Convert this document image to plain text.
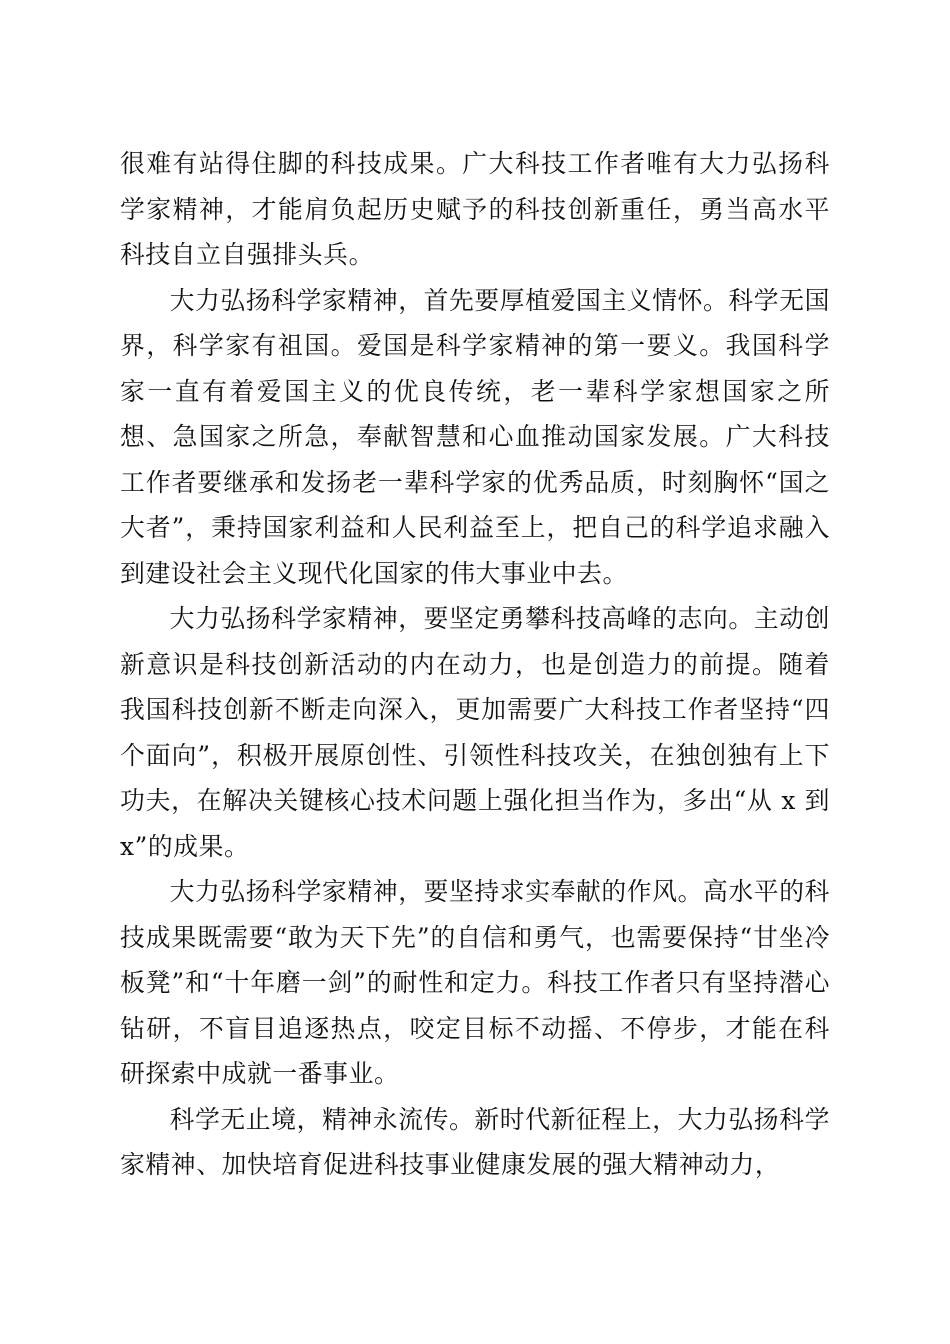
很难有站得住脚的科技成果。广大科技工作者唯有大力弘扬科学家精神，才能肩负起历史赋予的科技创新重任，勇当高水平科技自立自强排头兵。

大力弘扬科学家精神，首先要厚植爱国主义情怀。科学无国界，科学家有祖国。爱国是科学家精神的第一要义。我国科学家一直有着爱国主义的优良传统，老一辈科学家想国家之所想、急国家之所急，奉献智慧和心血推动国家发展。广大科技工作者要继承和发扬老一辈科学家的优秀品质，时刻胸怀“国之大者”，秉持国家利益和人民利益至上，把自己的科学追求融入到建设社会主义现代化国家的伟大事业中去。

大力弘扬科学家精神，要坚定勇攀科技高峰的志向。主动创新意识是科技创新活动的内在动力，也是创造力的前提。随着我国科技创新不断走向深入，更加需要广大科技工作者坚持“四个面向”，积极开展原创性、引领性科技攻关，在独创独有上下功夫，在解决关键核心技术问题上强化担当作为，多出“从 x 到 x”的成果。

大力弘扬科学家精神，要坚持求实奉献的作风。高水平的科技成果既需要“敢为天下先”的自信和勇气，也需要保持“甘坐冷板凳”和“十年磨一剑”的耐性和定力。科技工作者只有坚持潜心钻研，不盲目追逐热点，咬定目标不动摇、不停步，才能在科研探索中成就一番事业。

科学无止境，精神永流传。新时代新征程上，大力弘扬科学家精神、加快培育促进科技事业健康发展的强大精神动力，
